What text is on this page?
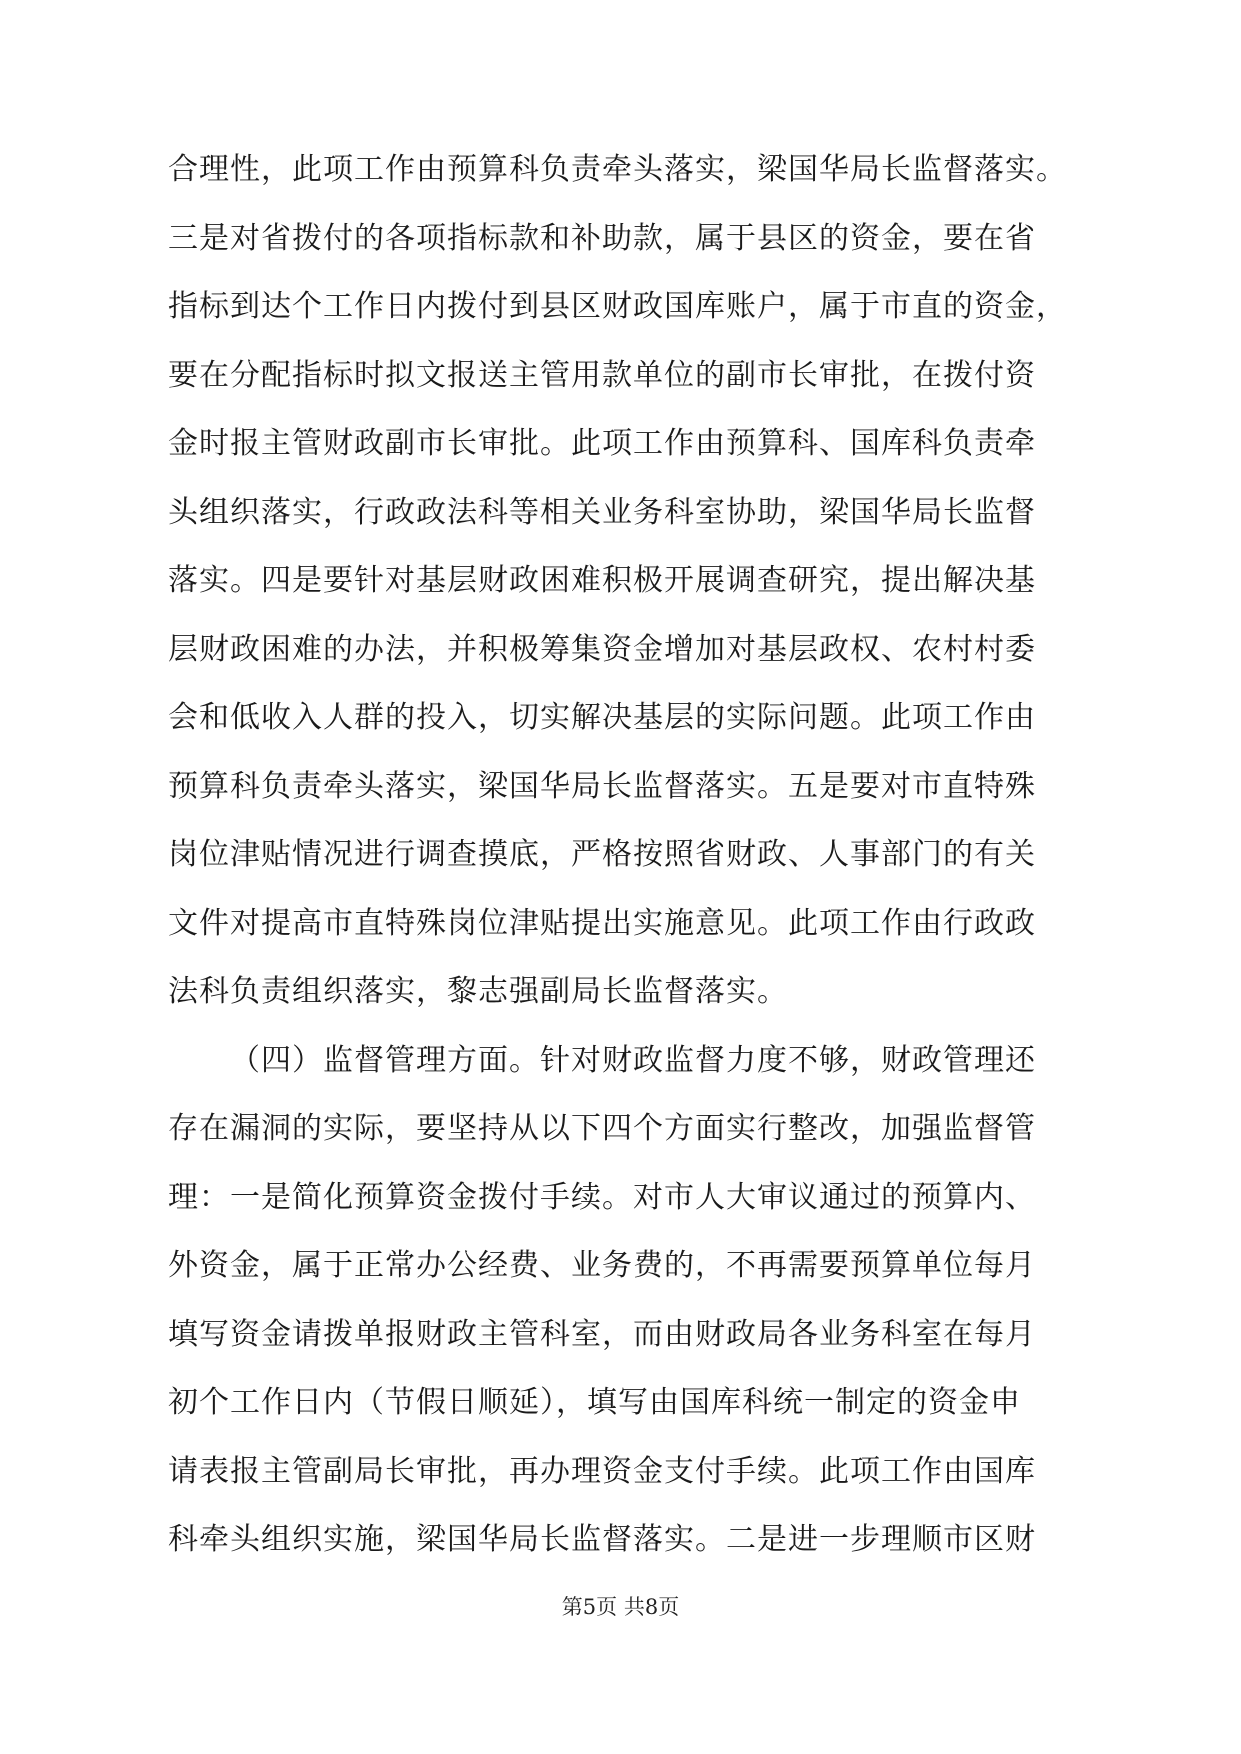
合理性，此项工作由预算科负责牵头落实，梁国华局长监督落实。
三是对省拨付的各项指标款和补助款，属于县区的资金，要在省
指标到达个工作日内拨付到县区财政国库账户，属于市直的资金，
要在分配指标时拟文报送主管用款单位的副市长审批，在拨付资
金时报主管财政副市长审批。此项工作由预算科、国库科负责牵
头组织落实，行政政法科等相关业务科室协助，梁国华局长监督
落实。四是要针对基层财政困难积极开展调查研究，提出解决基
层财政困难的办法，并积极筹集资金增加对基层政权、农村村委
会和低收入人群的投入，切实解决基层的实际问题。此项工作由
预算科负责牵头落实，梁国华局长监督落实。五是要对市直特殊
岗位津贴情况进行调查摸底，严格按照省财政、人事部门的有关
文件对提高市直特殊岗位津贴提出实施意见。此项工作由行政政
法科负责组织落实，黎志强副局长监督落实。
（四）监督管理方面。针对财政监督力度不够，财政管理还
存在漏洞的实际，要坚持从以下四个方面实行整改，加强监督管
理：一是简化预算资金拨付手续。对市人大审议通过的预算内、
外资金，属于正常办公经费、业务费的，不再需要预算单位每月
填写资金请拨单报财政主管科室，而由财政局各业务科室在每月
初个工作日内（节假日顺延），填写由国库科统一制定的资金申
请表报主管副局长审批，再办理资金支付手续。此项工作由国库
第5页 共8页
科牵头组织实施，梁国华局长监督落实。二是进一步理顺市区财
